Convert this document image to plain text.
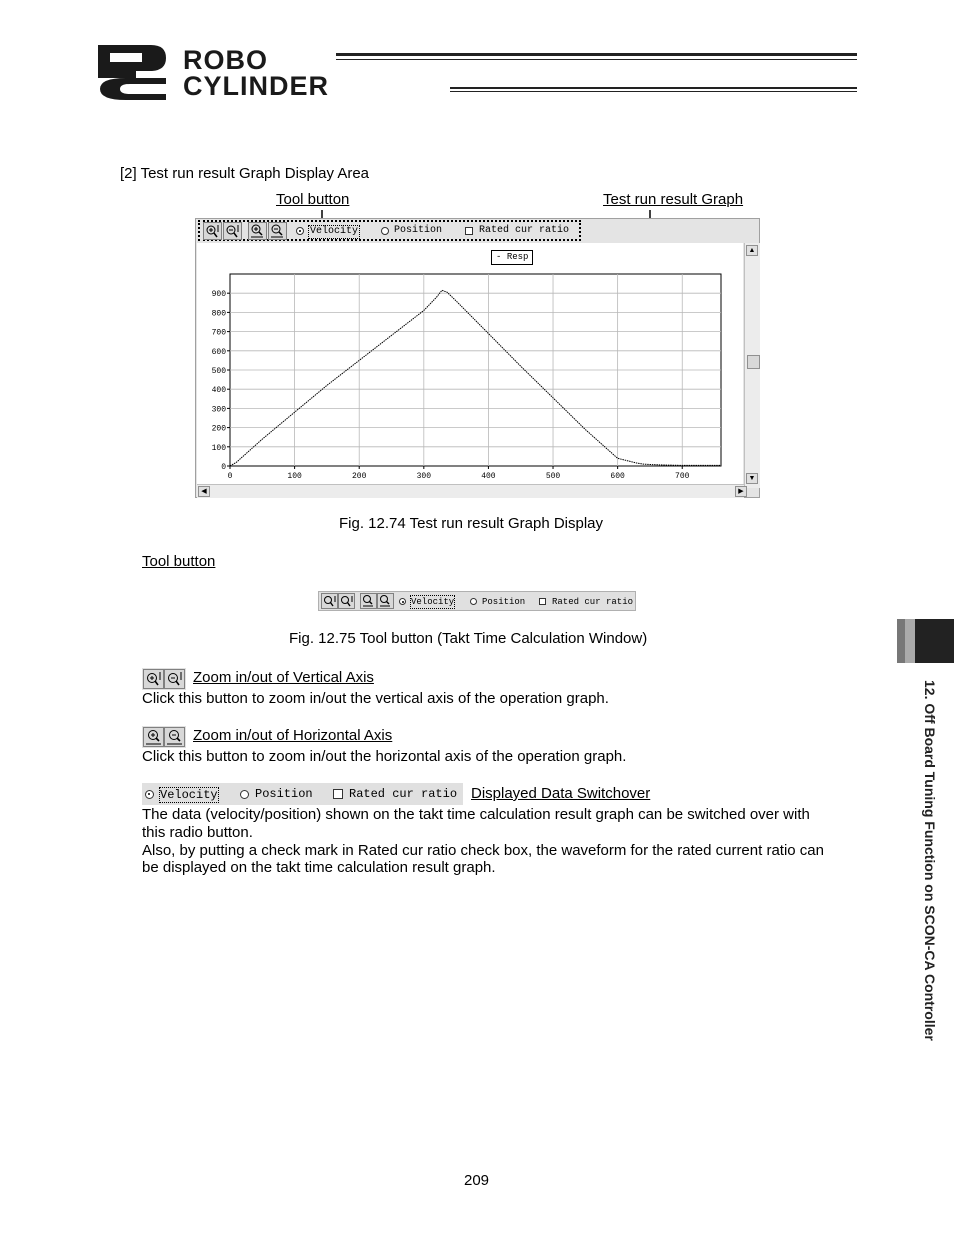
ROBO
CYLINDER
[2] Test run result Graph Display Area
Tool button	Test run result Graph
Velocity	Position	Rated cur ratio
- Resp
0	100	200	300	400	500	600	700
0
100
200
300
400
500
600
700
800
900
▲
▼
◀	▶
Fig. 12.74 Test run result Graph Display
Tool button
Velocity	Position	Rated cur ratio
Fig. 12.75 Tool button (Takt Time Calculation Window)
Zoom in/out of Vertical Axis
Click this button to zoom in/out the vertical axis of the operation graph.
Zoom in/out of Horizontal Axis
Click this button to zoom in/out the horizontal axis of the operation graph.
Velocity	Position	Rated cur ratio Displayed Data Switchover
The data (velocity/position) shown on the takt time calculation result graph can be switched over with
this radio button.
Also, by putting a check mark in Rated cur ratio check box, the waveform for the rated current ratio can
be displayed on the takt time calculation result graph.	12. Off Board Tuning Function on SCON-CA Controller
209
